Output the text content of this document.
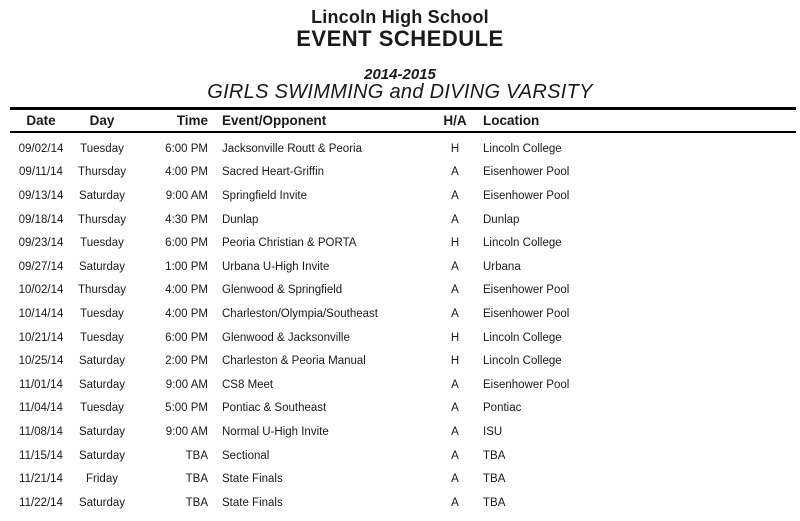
Lincoln High School
EVENT SCHEDULE
2014-2015
GIRLS SWIMMING and DIVING VARSITY
Date	Day	Time	Event/Opponent	H/A	Location
09/02/14	Tuesday	6:00 PM	Jacksonville Routt & Peoria	H	Lincoln College
09/11/14	Thursday	4:00 PM	Sacred Heart-Griffin	A	Eisenhower Pool
09/13/14	Saturday	9:00 AM	Springfield Invite	A	Eisenhower Pool
09/18/14	Thursday	4:30 PM	Dunlap	A	Dunlap
09/23/14	Tuesday	6:00 PM	Peoria Christian & PORTA	H	Lincoln College
09/27/14	Saturday	1:00 PM	Urbana U-High Invite	A	Urbana
10/02/14	Thursday	4:00 PM	Glenwood & Springfield	A	Eisenhower Pool
10/14/14	Tuesday	4:00 PM	Charleston/Olympia/Southeast	A	Eisenhower Pool
10/21/14	Tuesday	6:00 PM	Glenwood & Jacksonville	H	Lincoln College
10/25/14	Saturday	2:00 PM	Charleston & Peoria Manual	H	Lincoln College
11/01/14	Saturday	9:00 AM	CS8 Meet	A	Eisenhower Pool
11/04/14	Tuesday	5:00 PM	Pontiac & Southeast	A	Pontiac
11/08/14	Saturday	9:00 AM	Normal U-High Invite	A	ISU
11/15/14	Saturday	TBA	Sectional	A	TBA
11/21/14	Friday	TBA	State Finals	A	TBA
11/22/14	Saturday	TBA	State Finals	A	TBA
